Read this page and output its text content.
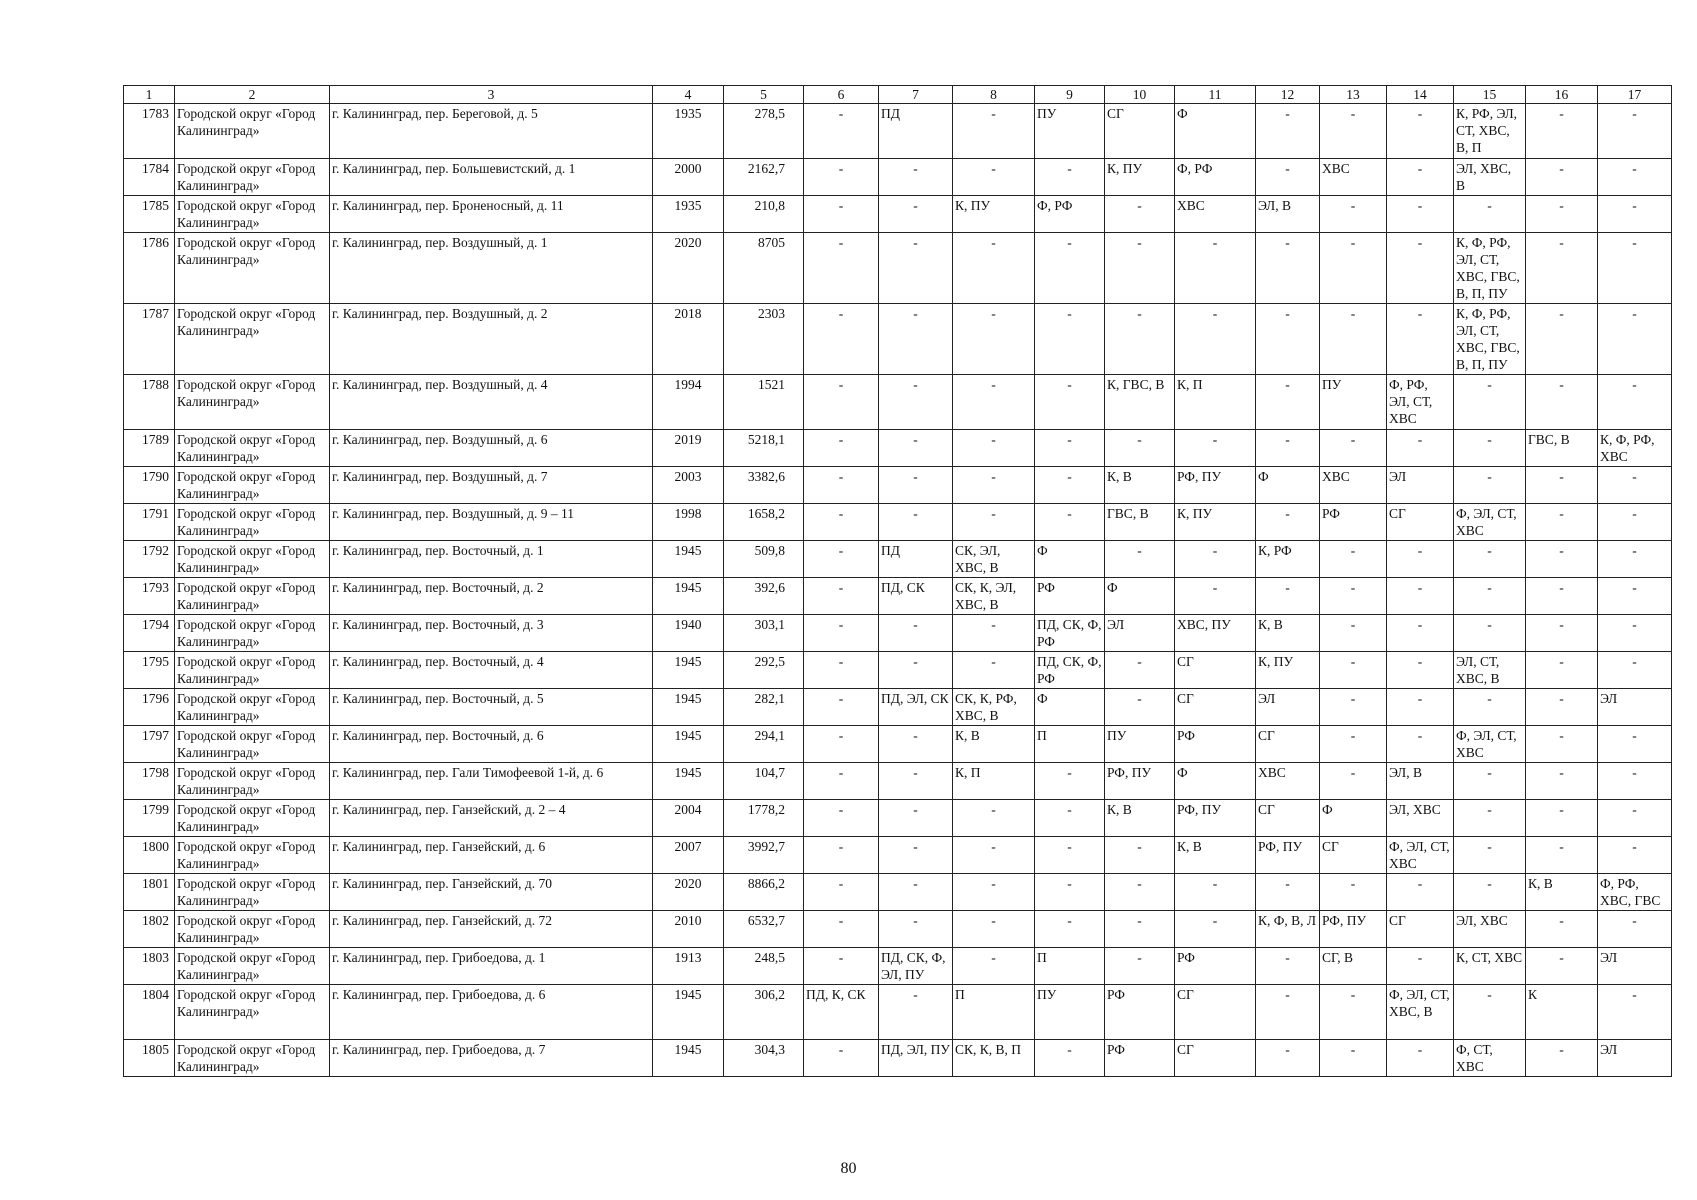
1	2	3	4	5	6	7	8	9	10	11	12	13	14	15	16	17
1783	Городской округ «Город Калининград»	г. Калининград, пер. Береговой, д. 5	1935	278,5	-	ПД	-	ПУ	СГ	Ф	-	-	-	К, РФ, ЭЛ, СТ, ХВС, В, П	-	-
1784	Городской округ «Город Калининград»	г. Калининград, пер. Большевистский, д. 1	2000	2162,7	-	-	-	-	К, ПУ	Ф, РФ	-	ХВС	-	ЭЛ, ХВС, В	-	-
1785	Городской округ «Город Калининград»	г. Калининград, пер. Броненосный, д. 11	1935	210,8	-	-	К, ПУ	Ф, РФ	-	ХВС	ЭЛ, В	-	-	-	-	-
1786	Городской округ «Город Калининград»	г. Калининград, пер. Воздушный, д. 1	2020	8705	-	-	-	-	-	-	-	-	-	К, Ф, РФ, ЭЛ, СТ, ХВС, ГВС, В, П, ПУ	-	-
1787	Городской округ «Город Калининград»	г. Калининград, пер. Воздушный, д. 2	2018	2303	-	-	-	-	-	-	-	-	-	К, Ф, РФ, ЭЛ, СТ, ХВС, ГВС, В, П, ПУ	-	-
1788	Городской округ «Город Калининград»	г. Калининград, пер. Воздушный, д. 4	1994	1521	-	-	-	-	К, ГВС, В	К, П	-	ПУ	Ф, РФ, ЭЛ, СТ, ХВС	-	-	-
1789	Городской округ «Город Калининград»	г. Калининград, пер. Воздушный, д. 6	2019	5218,1	-	-	-	-	-	-	-	-	-	-	ГВС, В	К, Ф, РФ, ХВС
1790	Городской округ «Город Калининград»	г. Калининград, пер. Воздушный, д. 7	2003	3382,6	-	-	-	-	К, В	РФ, ПУ	Ф	ХВС	ЭЛ	-	-	-
1791	Городской округ «Город Калининград»	г. Калининград, пер. Воздушный, д. 9 – 11	1998	1658,2	-	-	-	-	ГВС, В	К, ПУ	-	РФ	СГ	Ф, ЭЛ, СТ, ХВС	-	-
1792	Городской округ «Город Калининград»	г. Калининград, пер. Восточный, д. 1	1945	509,8	-	ПД	СК, ЭЛ, ХВС, В	Ф	-	-	К, РФ	-	-	-	-	-
1793	Городской округ «Город Калининград»	г. Калининград, пер. Восточный, д. 2	1945	392,6	-	ПД, СК	СК, К, ЭЛ, ХВС, В	РФ	Ф	-	-	-	-	-	-	-
1794	Городской округ «Город Калининград»	г. Калининград, пер. Восточный, д. 3	1940	303,1	-	-	-	ПД, СК, Ф, РФ	ЭЛ	ХВС, ПУ	К, В	-	-	-	-	-
1795	Городской округ «Город Калининград»	г. Калининград, пер. Восточный, д. 4	1945	292,5	-	-	-	ПД, СК, Ф, РФ	-	СГ	К, ПУ	-	-	ЭЛ, СТ, ХВС, В	-	-
1796	Городской округ «Город Калининград»	г. Калининград, пер. Восточный, д. 5	1945	282,1	-	ПД, ЭЛ, СК	СК, К, РФ, ХВС, В	Ф	-	СГ	ЭЛ	-	-	-	-	ЭЛ
1797	Городской округ «Город Калининград»	г. Калининград, пер. Восточный, д. 6	1945	294,1	-	-	К, В	П	ПУ	РФ	СГ	-	-	Ф, ЭЛ, СТ, ХВС	-	-
1798	Городской округ «Город Калининград»	г. Калининград, пер. Гали Тимофеевой 1-й, д. 6	1945	104,7	-	-	К, П	-	РФ, ПУ	Ф	ХВС	-	ЭЛ, В	-	-	-
1799	Городской округ «Город Калининград»	г. Калининград, пер. Ганзейский, д. 2 – 4	2004	1778,2	-	-	-	-	К, В	РФ, ПУ	СГ	Ф	ЭЛ, ХВС	-	-	-
1800	Городской округ «Город Калининград»	г. Калининград, пер. Ганзейский, д. 6	2007	3992,7	-	-	-	-	-	К, В	РФ, ПУ	СГ	Ф, ЭЛ, СТ, ХВС	-	-	-
1801	Городской округ «Город Калининград»	г. Калининград, пер. Ганзейский, д. 70	2020	8866,2	-	-	-	-	-	-	-	-	-	-	К, В	Ф, РФ, ХВС, ГВС
1802	Городской округ «Город Калининград»	г. Калининград, пер. Ганзейский, д. 72	2010	6532,7	-	-	-	-	-	-	К, Ф, В, Л	РФ, ПУ	СГ	ЭЛ, ХВС	-	-
1803	Городской округ «Город Калининград»	г. Калининград, пер. Грибоедова, д. 1	1913	248,5	-	ПД, СК, Ф, ЭЛ, ПУ	-	П	-	РФ	-	СГ, В	-	К, СТ, ХВС	-	ЭЛ
1804	Городской округ «Город Калининград»	г. Калининград, пер. Грибоедова, д. 6	1945	306,2	ПД, К, СК	-	П	ПУ	РФ	СГ	-	-	Ф, ЭЛ, СТ, ХВС, В	-	К	-
1805	Городской округ «Город Калининград»	г. Калининград, пер. Грибоедова, д. 7	1945	304,3	-	ПД, ЭЛ, ПУ	СК, К, В, П	-	РФ	СГ	-	-	-	Ф, СТ, ХВС	-	ЭЛ
80
